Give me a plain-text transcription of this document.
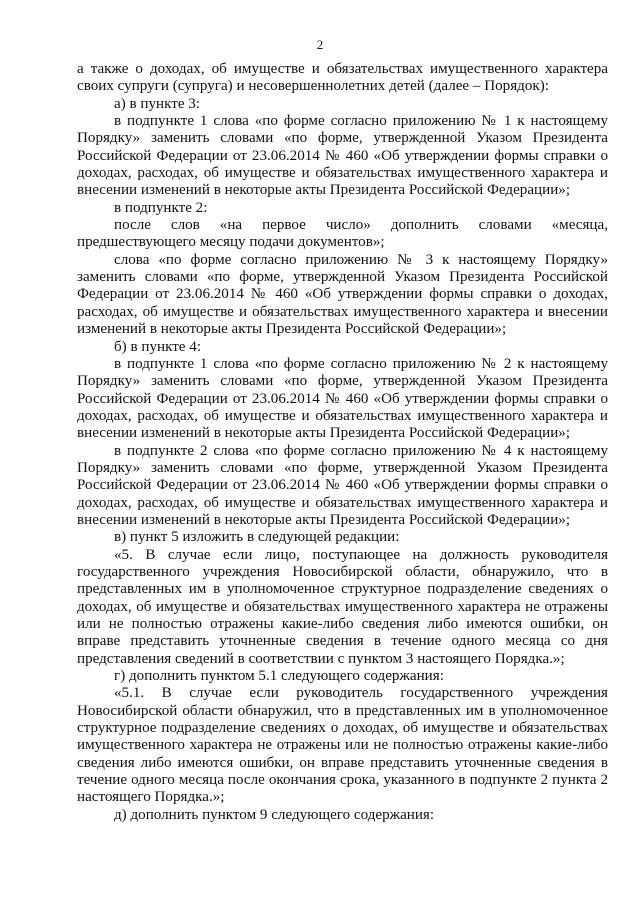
2

а также о доходах, об имуществе и обязательствах имущественного характера своих супруги (супруга) и несовершеннолетних детей (далее – Порядок):

а) в пункте 3:

в подпункте 1 слова «по форме согласно приложению № 1 к настоящему Порядку» заменить словами «по форме, утвержденной Указом Президента Российской Федерации от 23.06.2014 № 460 «Об утверждении формы справки о доходах, расходах, об имуществе и обязательствах имущественного характера и внесении изменений в некоторые акты Президента Российской Федерации»;

в подпункте 2:

после слов «на первое число» дополнить словами «месяца, предшествующего месяцу подачи документов»;

слова «по форме согласно приложению № 3 к настоящему Порядку» заменить словами «по форме, утвержденной Указом Президента Российской Федерации от 23.06.2014 № 460 «Об утверждении формы справки о доходах, расходах, об имуществе и обязательствах имущественного характера и внесении изменений в некоторые акты Президента Российской Федерации»;

б) в пункте 4:

в подпункте 1 слова «по форме согласно приложению № 2 к настоящему Порядку» заменить словами «по форме, утвержденной Указом Президента Российской Федерации от 23.06.2014 № 460 «Об утверждении формы справки о доходах, расходах, об имуществе и обязательствах имущественного характера и внесении изменений в некоторые акты Президента Российской Федерации»;

в подпункте 2 слова «по форме согласно приложению № 4 к настоящему Порядку» заменить словами «по форме, утвержденной Указом Президента Российской Федерации от 23.06.2014 № 460 «Об утверждении формы справки о доходах, расходах, об имуществе и обязательствах имущественного характера и внесении изменений в некоторые акты Президента Российской Федерации»;

в) пункт 5 изложить в следующей редакции:

«5. В случае если лицо, поступающее на должность руководителя государственного учреждения Новосибирской области, обнаружило, что в представленных им в уполномоченное структурное подразделение сведениях о доходах, об имуществе и обязательствах имущественного характера не отражены или не полностью отражены какие-либо сведения либо имеются ошибки, он вправе представить уточненные сведения в течение одного месяца со дня представления сведений в соответствии с пунктом 3 настоящего Порядка.»;

г) дополнить пунктом 5.1 следующего содержания:

«5.1. В случае если руководитель государственного учреждения Новосибирской области обнаружил, что в представленных им в уполномоченное структурное подразделение сведениях о доходах, об имуществе и обязательствах имущественного характера не отражены или не полностью отражены какие-либо сведения либо имеются ошибки, он вправе представить уточненные сведения в течение одного месяца после окончания срока, указанного в подпункте 2 пункта 2 настоящего Порядка.»;

д) дополнить пунктом 9 следующего содержания:
